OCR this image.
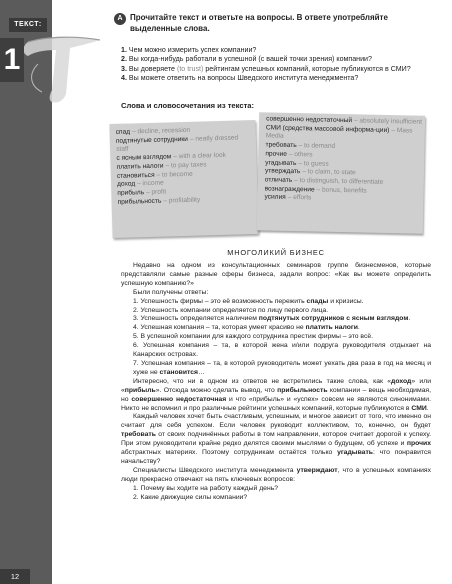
ТЕКСТ:
1
А Прочитайте текст и ответьте на вопросы. В ответе употребляйте выделенные слова.
1. Чем можно измерить успех компании?
2. Вы когда-нибудь работали в успешной (с вашей точки зрения) компании?
3. Вы доверяете (to trust) рейтингам успешных компаний, которые публикуются в СМИ?
4. Вы можете ответить на вопросы Шведского института менеджмента?
Слова и словосочетания из текста:
спад – decline, recession
подтянутые сотрудники – neatly dressed staff
с ясным взглядом – with a clear look
платить налоги – to pay taxes
становиться – to become
доход – income
прибыль – profit
прибыльность – profitability
совершенно недостаточный – absolutely insufficient
СМИ (средства массовой информа-ции) – Mass Media
требовать – to demand
прочие – others
угадывать – to guess
утверждать – to claim, to state
отличать – to distinguish, to differentiate
вознаграждение – bonus, benefits
усилия – efforts
МНОГОЛИКИЙ БИЗНЕС

Недавно на одном из консультационных семинаров группе бизнесменов, которые представляли самые разные сферы бизнеса, задали вопрос: «Как вы можете определить успешную компанию?»

Были получены ответы:

1. Успешность фирмы – это её возможность пережить спады и кризисы.

2. Успешность компании определяется по лицу первого лица.

3. Успешность определяется наличием подтянутых сотрудников с ясным взглядом.

4. Успешная компания – та, которая умеет красиво не платить налоги.

5. В успешной компании для каждого сотрудника престиж фирмы – это всё.

6. Успешная компания – та, в которой жена и/или подруга руководителя отдыхает на Канарских островах.

7. Успешная компания – та, в которой руководитель может уехать два раза в год на месяц и хуже не становится…

Интересно, что ни в одном из ответов не встретились такие слова, как «доход» или «прибыль». Отсюда можно сделать вывод, что прибыльность компании – вещь необходимая, но совершенно недостаточная и что «прибыль» и «успех» совсем не являются синонимами. Никто не вспомнил и про различные рейтинги успешных компаний, которые публикуются в СМИ.

Каждый человек хочет быть счастливым, успешным, и многое зависит от того, что именно он считает для себя успехом. Если человек руководит коллективом, то, конечно, он будет требовать от своих подчинённых работы в том направлении, которое считает дорогой к успеху. При этом руководители крайне редко делятся своими мыслями о будущем, об успехе и прочих абстрактных материях. Поэтому сотрудникам остаётся только угадывать: что понравится начальству?

Специалисты Шведского института менеджмента утверждают, что в успешных компаниях люди прекрасно отвечают на пять ключевых вопросов:

1. Почему вы ходите на работу каждый день?

2. Какие движущие силы компании?

12
